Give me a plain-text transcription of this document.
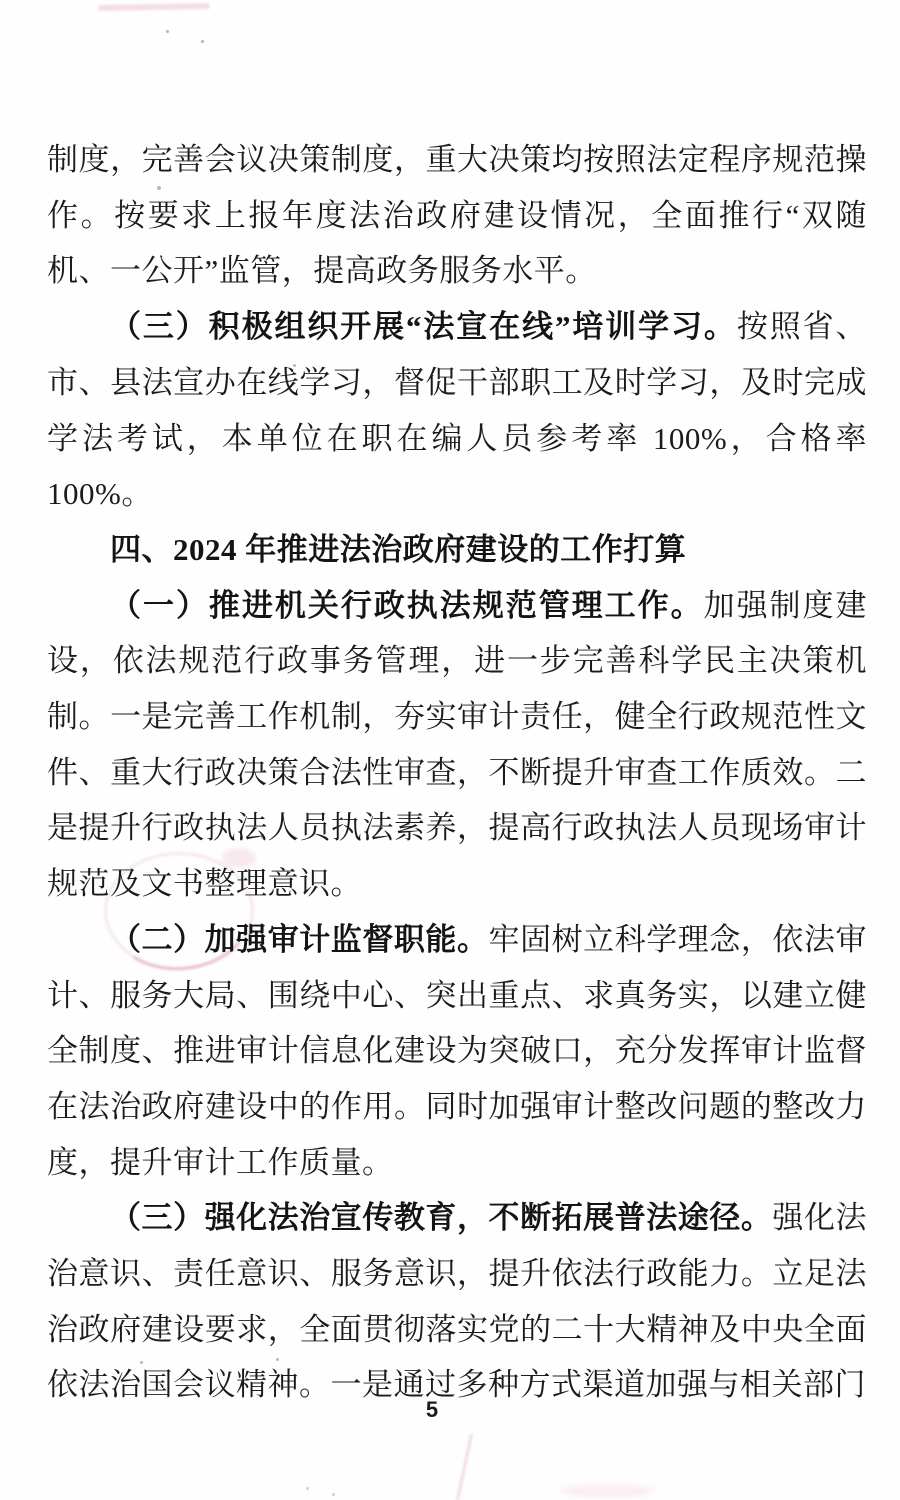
制度，完善会议决策制度，重大决策均按照法定程序规范操作。按要求上报年度法治政府建设情况，全面推行“双随机、一公开”监管，提高政务服务水平。

（三）积极组织开展“法宣在线”培训学习。按照省、市、县法宣办在线学习，督促干部职工及时学习，及时完成学法考试，本单位在职在编人员参考率 100%，合格率 100%。

四、2024 年推进法治政府建设的工作打算

（一）推进机关行政执法规范管理工作。加强制度建设，依法规范行政事务管理，进一步完善科学民主决策机制。一是完善工作机制，夯实审计责任，健全行政规范性文件、重大行政决策合法性审查，不断提升审查工作质效。二是提升行政执法人员执法素养，提高行政执法人员现场审计规范及文书整理意识。

（二）加强审计监督职能。牢固树立科学理念，依法审计、服务大局、围绕中心、突出重点、求真务实，以建立健全制度、推进审计信息化建设为突破口，充分发挥审计监督在法治政府建设中的作用。同时加强审计整改问题的整改力度，提升审计工作质量。

（三）强化法治宣传教育，不断拓展普法途径。强化法治意识、责任意识、服务意识，提升依法行政能力。立足法治政府建设要求，全面贯彻落实党的二十大精神及中央全面依法治国会议精神。一是通过多种方式渠道加强与相关部门

5
